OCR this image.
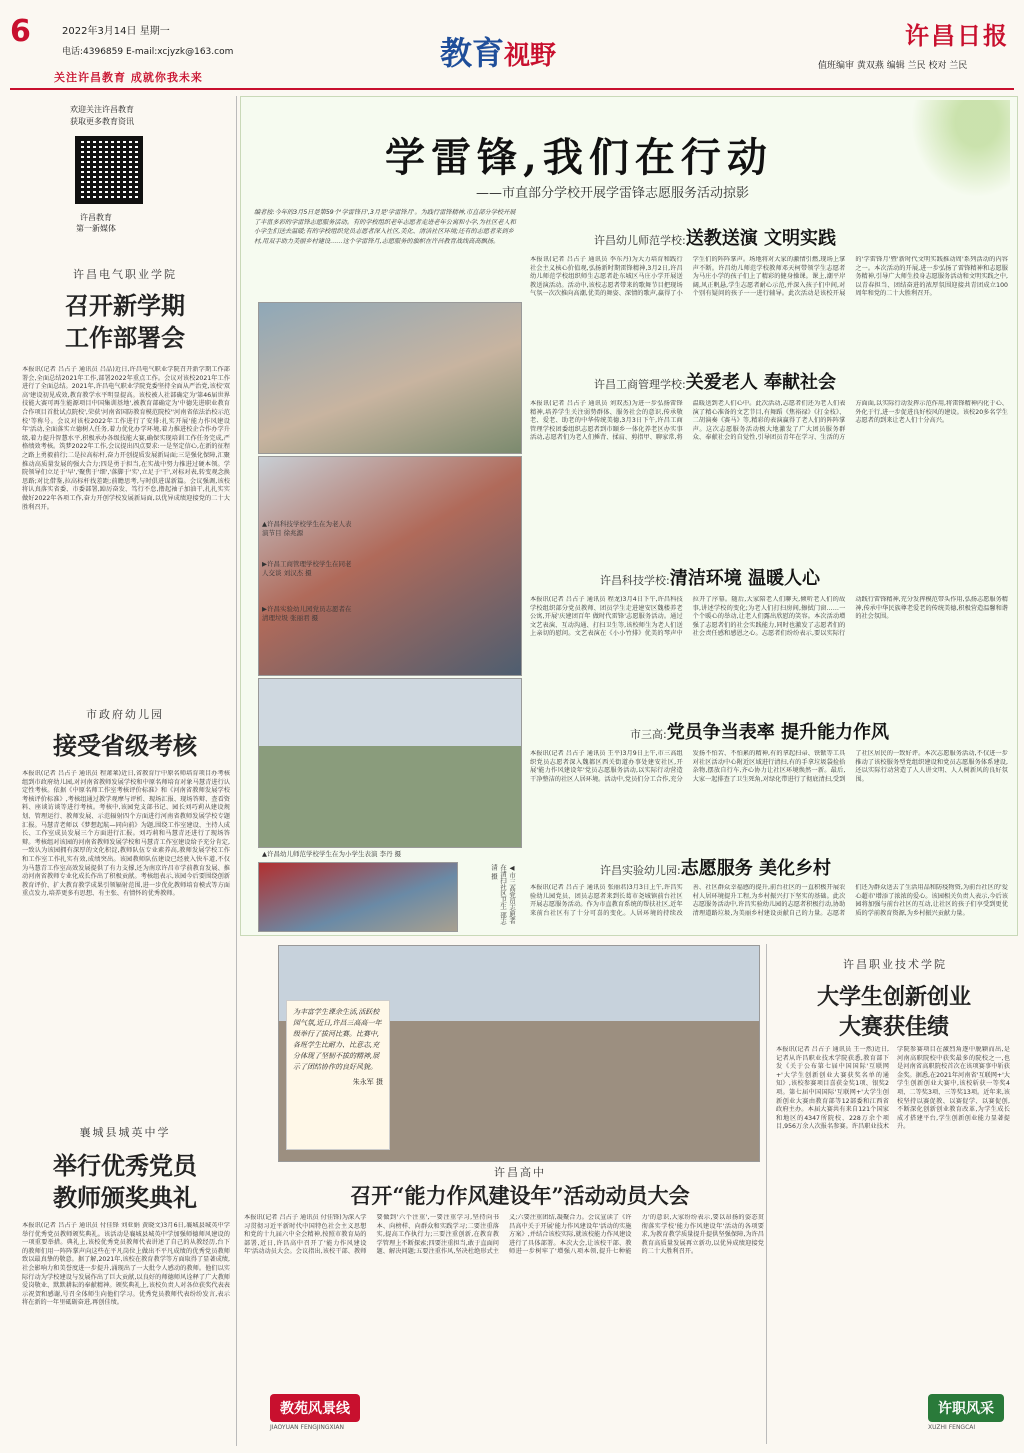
6	2022年3月14日 星期一
电话:4396859 E-mail:xcjyzk@163.com
关注许昌教育 成就你我未来
教育视野
许昌日报
值班编审 黄双燕 编辑 兰民 校对 兰民
欢迎关注许昌教育
获取更多教育资讯
许昌教育
第一新媒体
许昌电气职业学院
召开新学期
工作部署会
本报讯(记者 吕占子 通讯员 吕品)近日,许昌电气职业学院召开新学期工作部署会,全面总结2021年工作,部署2022年重点工作。会议对该校2021年工作进行了全面总结。2021年,许昌电气职业学院党委坚持全面从严治党,该校'双高'建设初见成效,教育教学水平明显提高。该校被人社部确定为'第46届世界技能大赛可再生能源项目中国集训基地',被教育部确定为'中德先进职业教育合作项目首批试点院校',荣获'河南省国防教育模范院校''河南省依法治校示范校'等称号。会议对该校2022年工作进行了安排:扎实开展'能力作风建设年'活动,全面落实立德树人任务,着力优化办学环境,着力推进校企合作办学升级,着力提升智慧水平,积极承办各级技能大赛,确保实现培训工作任务完成,严格绩效考核。筑梦2022年工作,会议提出四点要求:一是坚定信心,在新的征程之路上勇毅前行;二是拉高标杆,奋力开创提质发展新局面;三是强化保障,汇聚推动高质量发展的强大合力;四是勇于担当,在实战中努力推进过硬本领。学院领导们立足于'早','聚焦于'细','落脚于'实',立足于'干',对标对表,转变观念换思路;对比借鉴,拉高标杆找差距;前瞻思考,与时俱进谋新篇。会议强调,该校将认真落实省委、市委部署,踔厉奋发、笃行不怠,撸起袖子加油干,扎扎实实做好2022年各项工作,奋力开创学校发展新局面,以优异成绩迎接党的二十大胜利召开。
市政府幼儿园
接受省级考核
本报讯(记者 吕占子 通讯员 程萧莱)近日,省教育厅中原名师培育项目办考核组到市政府幼儿园,对河南省教师发展学校和中原名师培育对象马慧青进行认定性考核。依据《中原名师工作室考核评价标准》和《河南省教师发展学校考核评价标准》,考核组通过教学观摩与评析、现场汇报、现场答辩、查看资料、座谈访谈等进行考核。考核中,该园党支部书记、园长刘巧莉从建设规划、管理运行、教师发展、示范辐射四个方面进行河南省教师发展学校专题汇报。马慧青老师以《梦想起航—同向前》为题,围绕工作室建设、主持人成长、工作室成员发展三个方面进行汇报。刘巧莉和马慧青还进行了现场答辩。考核组对该园的河南省教师发展学校和马慧青工作室建设给予充分肯定,一致认为该园拥有深厚的文化积淀,教师队伍专业素养高,教师发展学校工作和工作室工作扎实有效,成绩突出。该园教师队伍建设已经驶入快车道,不仅为马慧青工作室高效发展提供了有力支撑,还为南京许昌市学前教育发展、推动河南省教师专业化成长作出了积极贡献。考核组表示,该园今后要围绕创新教育评价、扩大教育教学成果引领辐射范围,进一步优化教师培育模式等方面重点发力,培养更多有思想、有主张、有情怀的优秀教师。
襄城县城英中学
举行优秀党员
教师颁奖典礼
本报讯(记者 吕占子 通讯员 付佳锋 刘亚娟 黄晓文)3月6日,襄城县城英中学举行优秀党员教师颁奖典礼。该活动是襄城县城英中学加强师德师风建设的一项重要举措。典礼上,该校优秀党员教师代表讲述了自己的从教经历,台下的教师们用一阵阵掌声向这些在平凡岗位上做出不平凡成绩的优秀党员教师致以最真挚的敬意。据了解,2021年,该校在教育教学等方面取得了显著成绩,社会影响力和美誉度进一步提升,涌现出了一大批令人感动的教师。他们以实际行动为学校建设与发展作出了巨大贡献,以良好的师德师风诠释了广大教师爱岗敬业、默默耕耘的奉献精神。颁奖典礼上,该校负责人对各位获奖代表表示祝贺和感谢,号召全体师生向他们学习。优秀党员教师代表纷纷发言,表示将在新的一年里砥砺奋进,再创佳绩。
学雷锋,我们在行动
——市直部分学校开展学雷锋志愿服务活动掠影
编者按:今年的3月5日是第59个'学雷锋日',3月是'学雷锋月'。为践行雷锋精神,市直部分学校开展了丰富多彩的学雷锋志愿服务活动。有的学校组织老年志愿者走进老年公寓和小学,为社区老人和小学生们送去温暖;有的学校组织党员志愿者深入社区,美化、清洁社区环境;还有的志愿者来到乡村,用双手助力美丽乡村建设……这个学雷锋月,志愿服务的旗帜在许昌教育战线高高飘扬。
▲许昌科技学校学生在为老人表演节目 徐兆源
▶许昌工商管理学校学生在同老人交谈 刘汉杰 摄
▶许昌实验幼儿园党员志愿者在清理垃圾 张丽君 摄
▲许昌幼儿师范学校学生在为小学生表演 李丹 摄
◀市三高党员志愿者在清扫社区卫生 邵志清 摄
许昌幼儿师范学校:送教送演 文明实践
本报讯(记者 吕占子 通讯员 李东丹)为大力培育和践行社会主义核心价值观,弘扬新时期雷锋精神,3月2日,许昌幼儿师范学校组织师生志愿者赴东城区马庄小学开展送教送演活动。活动中,该校志愿者带来的歌舞节目把现场气氛一次次推向高潮,优美的舞姿、深情的歌声,赢得了小学生们的阵阵掌声。场地将对大家的激情引燃,现场上掌声不断。许昌幼儿师范学校教师邓天柯带领学生志愿者为马庄小学的孩子们上了精彩的健身操课。课上,潮平岸阔,风正帆悬,学生志愿者耐心示范,并深入孩子们中间,对个别有疑问的孩子一一进行辅导。此次活动是该校开展的'学雷锋月'暨'新时代文明实践推动周'系列活动的内容之一。本次活动的开展,进一步弘扬了雷锋精神和志愿服务精神,引导广大师生投身志愿服务活动和文明实践之中,以青春担当、团结奋进的浓厚氛围迎接共青团成立100周年和党的二十大胜利召开。
许昌工商管理学校:关爱老人 奉献社会
本报讯(记者 吕占子 通讯员 刘双杰)为进一步弘扬雷锋精神,培养学生关注弱势群体、服务社会的意识,传承敬老、爱老、助老的中华传统美德,3月3日下午,许昌工商管理学校团委组织志愿者到市颐乡一体化养老区办实事活动,志愿者们为老人们捶背、揉肩、剪指甲、聊家常,将温暖送到老人们心中。此次活动,志愿者们还为老人们表演了精心准备的文艺节目,有舞蹈《焦裕禄》《打金枝》、二胡演奏《赛马》等,精彩的表演赢得了老人们的阵阵掌声。这次志愿服务活动极大地激发了广大团员服务群众、奉献社会的自觉性,引导团员青年在学习、生活的方方面面,以实际行动发挥示范作用,将雷锋精神内化于心、外化于行,进一步促进良好校风的建设。该校20多名学生志愿者的到来让老人们十分高兴。
许昌科技学校:清洁环境 温暖人心
本报讯(记者 吕占子 通讯员 程龙)3月4日下午,许昌科技学校组织部分党员教师、团员学生走进建安区魏楼养老公寓,开展'庆建团百年 做时代雷锋'志愿服务活动。通过文艺表演、互动沟通、打扫卫生等,该校师生为老人们送上亲切的慰问。文艺表演在《小小竹排》优美的琴声中拉开了序幕。随后,大家陪老人们聊天,倾听老人们的故事,讲述学校的变化;为老人们打扫房间,擦拭门窗……一个个暖心的举动,让老人们露出欣慰的笑容。本次活动增强了志愿者们的社会实践能力,同时也激发了志愿者们的社会责任感和感恩之心。志愿者们纷纷表示,要以实际行动践行雷锋精神,充分发挥模范带头作用,弘扬志愿服务精神,传承中华民族尊老爱老的传统美德,积极营造温馨和谐的社会氛围。
市三高:党员争当表率 提升能力作风
本报讯(记者 吕占子 通讯员 王平)3月9日上午,市三高组织党员志愿者深入魏都区西关街道办事处建安社区,开展'能力作风建设年'党员志愿服务活动,以实际行动营造干净整洁的社区人居环境。活动中,党员们分工合作,充分发扬不怕苦、不怕累的精神,有的拿起扫帚、铁锨等工具对社区活动中心附近区域进行清扫,有的手拿垃圾袋捡拾杂物,摆放自行车,齐心协力让社区环境焕然一新。最后,大家一起排查了卫生死角,对绿化带进行了彻底清扫,受到了社区居民的一致好评。本次志愿服务活动,不仅进一步推动了该校服务型党组织建设和党员志愿服务体系建设,还以实际行动营造了人人讲文明、人人树新风的良好氛围。
许昌实验幼儿园:志愿服务 美化乡村
本报讯(记者 吕占子 通讯员 张丽君)3月3日上午,许昌实验幼儿园党员、团员志愿者来到长葛市尧城镇前台社区开展志愿服务活动。作为市直教育系统的帮扶社区,近年来前台社区有了十分可喜的变化。人居环境的持续改善、社区群众幸福感的提升,前台社区的一直积极开展农村人居环境提升工程,为乡村振兴打下坚实的基础。此次志愿服务活动中,许昌实验幼儿园的志愿者积极行动,协助清理道路垃圾,为美丽乡村建设贡献自己的力量。志愿者们还为群众送去了生活用品和防疫物资,为前台社区的'爱心超市'增添了浓浓的爱心。该园相关负责人表示,今后该园将加强与前台社区的互动,让社区的孩子们享受到更优质的学前教育资源,为乡村振兴贡献力量。
为丰富学生课余生活,活跃校园气氛,近日,许昌三高高一年级举行了拔河比赛。比赛中,各班学生比耐力、比意志,充分体现了坚韧不拔的精神,展示了团结协作的良好风貌。
朱永军 摄
许昌职业技术学院
大学生创新创业
大赛获佳绩
本报讯(记者 吕占子 通讯员 王一然)近日,记者从许昌职业技术学院获悉,教育部下发《关于公布第七届中国国际'互联网+'大学生创新创业大赛获奖名单的通知》,该校参赛项目喜获金奖1项、银奖2项。第七届中国国际'互联网+'大学生创新创业大赛由教育部等12部委和江西省政府主办。本届大赛共有来自121个国家和地区的4347所院校、228万余个项目,956万余人次报名参赛。许昌职业技术学院参赛项目在激烈角逐中脱颖而出,是河南高职院校中获奖最多的院校之一,也是河南省高职院校首次在该项赛事中斩获金奖。据悉,在2021年河南省'互联网+'大学生创新创业大赛中,该校斩获一等奖4项、二等奖3项、三等奖13项。近年来,该校坚持以赛促教、以赛促学、以赛促创,不断深化创新创业教育改革,为学生成长成才搭建平台,学生创新创业能力显著提升。
许昌高中
召开“能力作风建设年”活动动员大会
本报讯(记者 吕占子 通讯员 付佳锋)为深入学习贯彻习近平新时代中国特色社会主义思想和党的十九届六中全会精神,按照市教育局的部署,近日,许昌高中召开了'能力作风建设年'活动动员大会。会议指出,该校干部、教师要做到'六个注重',一要注重学习,坚持向书本、向榜样、向群众和实践学习;二要注重落实,提高工作执行力;三要注重创新,在教育教学管理上不断探索;四要注重担当,敢于直面问题、解决问题;五要注重作风,坚决杜绝形式主义;六要注重团结,凝聚合力。会议宣读了《许昌高中关于开展'能力作风建设年'活动的实施方案》,并结合该校实际,就该校能力作风建设进行了具体部署。本次大会,让该校干部、教师进一步树牢了'增强八项本领,提升七种能力'的意识,大家纷纷表示,要以昂扬的姿态贯彻落实学校'能力作风建设年'活动的各项要求,为教育教学质量提升提供坚强保障,为许昌教育高质量发展再立新功,以优异成绩迎接党的二十大胜利召开。
教苑风景线
JIAOYUAN FENGJINGXIAN
许职风采
XUZHI FENGCAI
